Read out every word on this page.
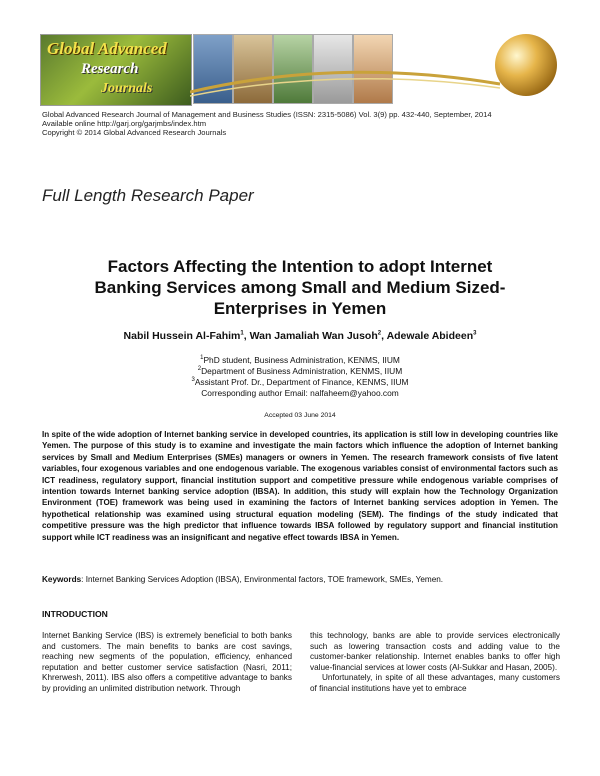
Global Advanced
Research
Journals
Global Advanced Research Journal of Management and Business Studies (ISSN: 2315-5086) Vol. 3(9) pp. 432-440, September, 2014
Available online http://garj.org/garjmbs/index.htm
Copyright © 2014 Global Advanced Research Journals
Full Length Research Paper
Factors Affecting the Intention to adopt Internet
Banking Services among Small and Medium Sized-
Enterprises in Yemen
Nabil Hussein Al-Fahim$^1$, Wan Jamaliah Wan Jusoh$^2$, Adewale Abideen$^3$
$^1$PhD student, Business Administration, KENMS, IIUM
$^2$Department of Business Administration, KENMS, IIUM
$^3$Assistant Prof. Dr., Department of Finance, KENMS, IIUM
Corresponding author Email: nalfaheem@yahoo.com
Accepted 03 June 2014
In spite of the wide adoption of Internet banking service in developed countries, its application is still low in developing countries like Yemen. The purpose of this study is to examine and investigate the main factors which influence the adoption of Internet banking services by Small and Medium Enterprises (SMEs) managers or owners in Yemen. The research framework consists of five latent variables, four exogenous variables and one endogenous variable. The exogenous variables consist of environmental factors such as ICT readiness, regulatory support, financial institution support and competitive pressure while endogenous variable comprises of intention towards Internet banking service adoption (IBSA). In addition, this study will explain how the Technology Organization Environment (TOE) framework was being used in examining the factors of Internet banking services adoption in Yemen. The hypothetical relationship was examined using structural equation modeling (SEM). The findings of the study indicated that competitive pressure was the high predictor that influence towards IBSA followed by regulatory support and financial institution support while ICT readiness was an insignificant and negative effect towards IBSA in Yemen.
Keywords: Internet Banking Services Adoption (IBSA), Environmental factors, TOE framework, SMEs, Yemen.
INTRODUCTION

Internet Banking Service (IBS) is extremely beneficial to both banks and customers. The main benefits to banks are cost savings, reaching new segments of the population, efficiency, enhanced reputation and better customer service satisfaction (Nasri, 2011; Khrerwesh, 2011). IBS also offers a competitive advantage to banks by providing an unlimited distribution network. Through

this technology, banks are able to provide services electronically such as lowering transaction costs and adding value to the customer-banker relationship. Internet enables banks to offer high value-financial services at lower costs (Al-Sukkar and Hasan, 2005).

Unfortunately, in spite of all these advantages, many customers of financial institutions have yet to embrace
